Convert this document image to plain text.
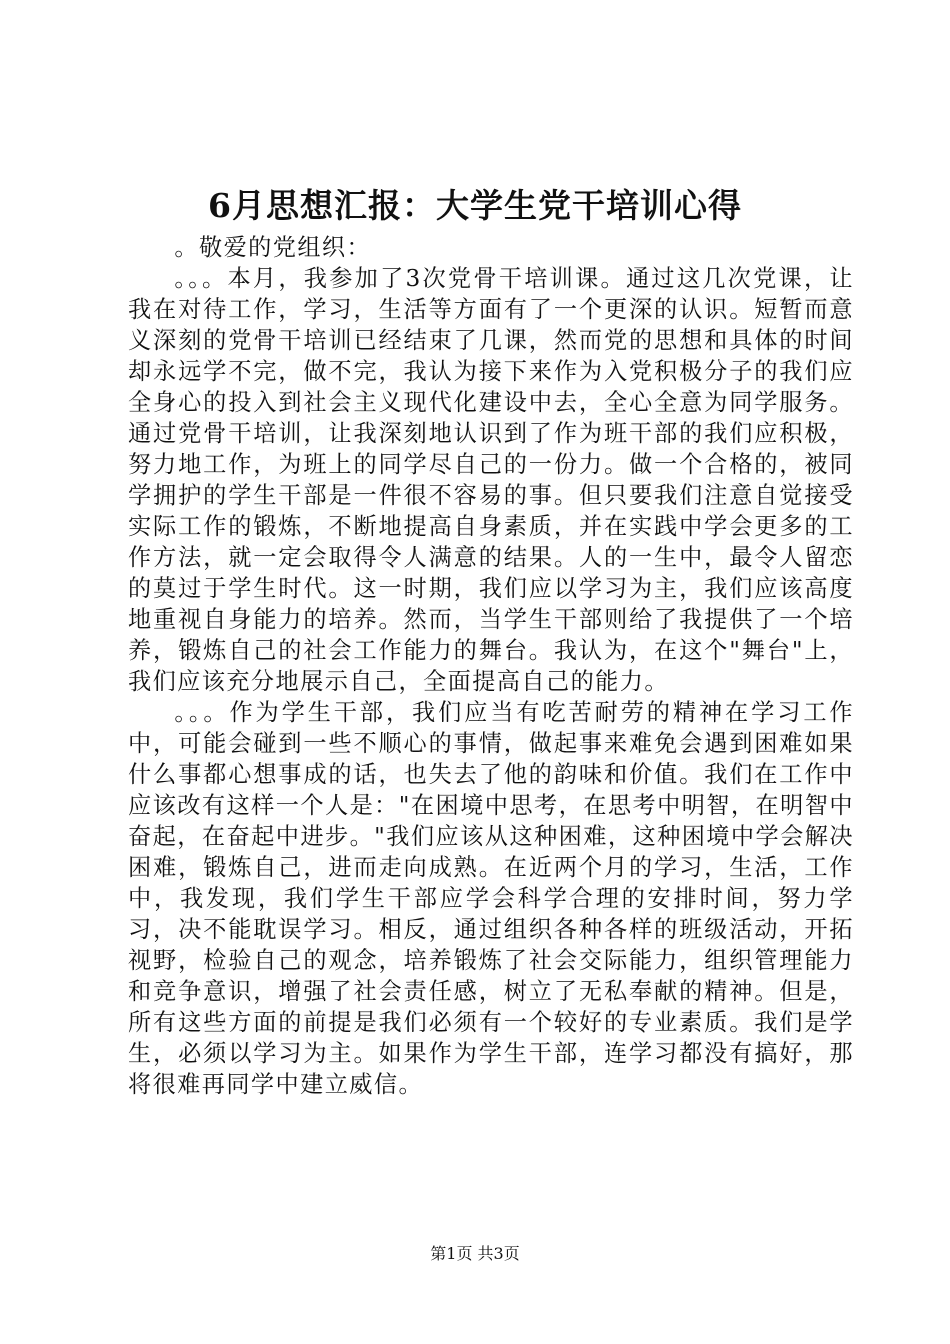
6月思想汇报：大学生党干培训心得

。敬爱的党组织：

。。。本月，我参加了3次党骨干培训课。通过这几次党课，让我在对待工作，学习，生活等方面有了一个更深的认识。短暂而意义深刻的党骨干培训已经结束了几课，然而党的思想和具体的时间却永远学不完，做不完，我认为接下来作为入党积极分子的我们应全身心的投入到社会主义现代化建设中去，全心全意为同学服务。通过党骨干培训，让我深刻地认识到了作为班干部的我们应积极，努力地工作，为班上的同学尽自己的一份力。做一个合格的，被同学拥护的学生干部是一件很不容易的事。但只要我们注意自觉接受实际工作的锻炼，不断地提高自身素质，并在实践中学会更多的工作方法，就一定会取得令人满意的结果。人的一生中，最令人留恋的莫过于学生时代。这一时期，我们应以学习为主，我们应该高度地重视自身能力的培养。然而，当学生干部则给了我提供了一个培养，锻炼自己的社会工作能力的舞台。我认为，在这个"舞台"上，我们应该充分地展示自己，全面提高自己的能力。

。。。作为学生干部，我们应当有吃苦耐劳的精神在学习工作中，可能会碰到一些不顺心的事情，做起事来难免会遇到困难如果什么事都心想事成的话，也失去了他的韵味和价值。我们在工作中应该改有这样一个人是："在困境中思考，在思考中明智，在明智中奋起，在奋起中进步。"我们应该从这种困难，这种困境中学会解决困难，锻炼自己，进而走向成熟。在近两个月的学习，生活，工作中，我发现，我们学生干部应学会科学合理的安排时间，努力学习，决不能耽误学习。相反，通过组织各种各样的班级活动，开拓视野，检验自己的观念，培养锻炼了社会交际能力，组织管理能力和竞争意识，增强了社会责任感，树立了无私奉献的精神。但是，所有这些方面的前提是我们必须有一个较好的专业素质。我们是学生，必须以学习为主。如果作为学生干部，连学习都没有搞好，那将很难再同学中建立威信。

第1页 共3页
